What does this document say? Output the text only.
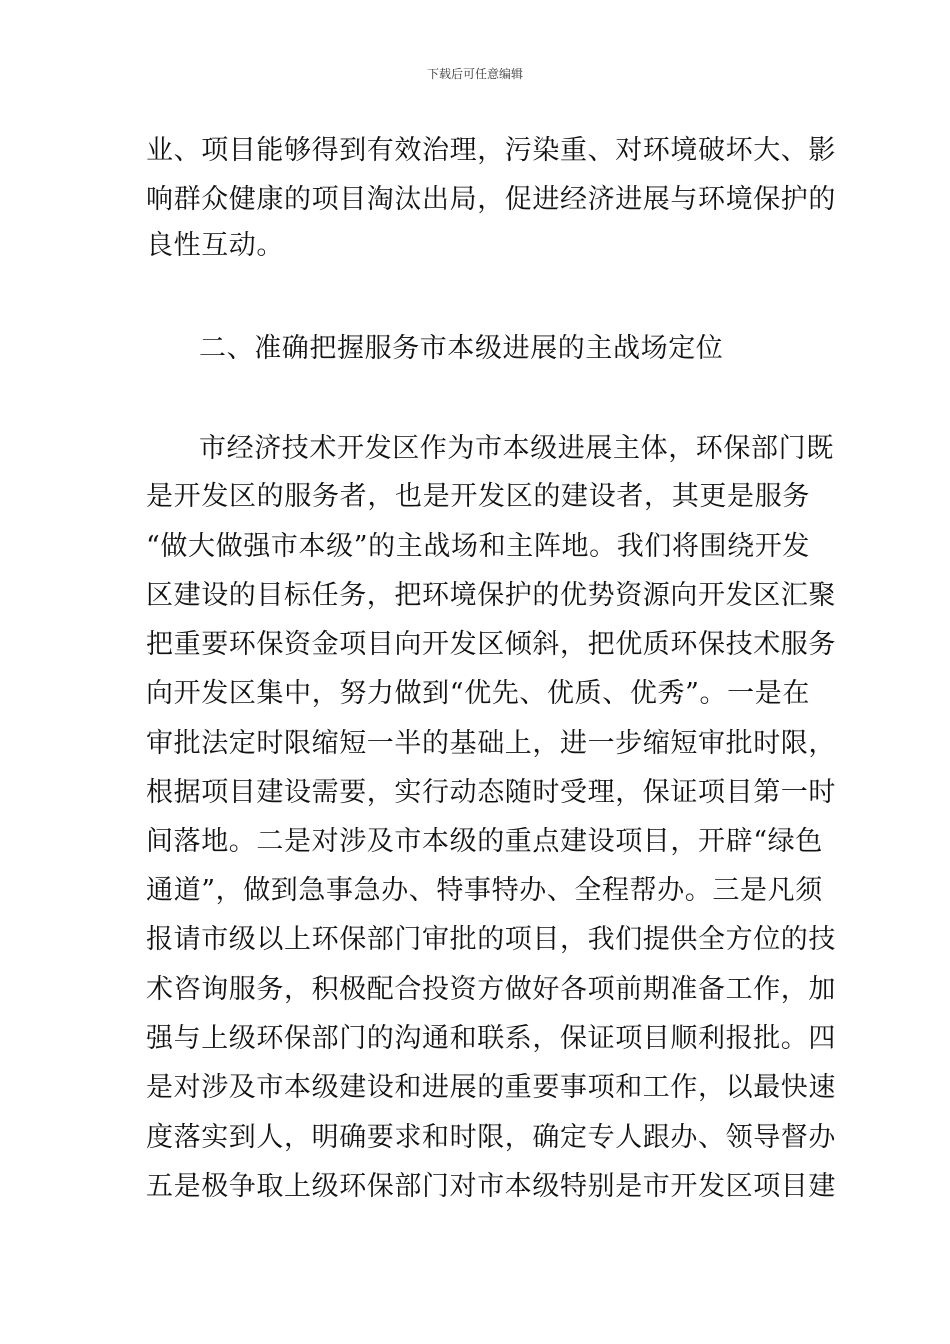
下载后可任意编辑
业、项目能够得到有效治理，污染重、对环境破坏大、影
响群众健康的项目淘汰出局，促进经济进展与环境保护的
良性互动。
二、准确把握服务市本级进展的主战场定位
市经济技术开发区作为市本级进展主体，环保部门既
是开发区的服务者，也是开发区的建设者，其更是服务
“做大做强市本级”的主战场和主阵地。我们将围绕开发
区建设的目标任务，把环境保护的优势资源向开发区汇聚
把重要环保资金项目向开发区倾斜，把优质环保技术服务
向开发区集中，努力做到“优先、优质、优秀”。一是在
审批法定时限缩短一半的基础上，进一步缩短审批时限，
根据项目建设需要，实行动态随时受理，保证项目第一时
间落地。二是对涉及市本级的重点建设项目，开辟“绿色
通道”，做到急事急办、特事特办、全程帮办。三是凡须
报请市级以上环保部门审批的项目，我们提供全方位的技
术咨询服务，积极配合投资方做好各项前期准备工作，加
强与上级环保部门的沟通和联系，保证项目顺利报批。四
是对涉及市本级建设和进展的重要事项和工作，以最快速
度落实到人，明确要求和时限，确定专人跟办、领导督办
五是极争取上级环保部门对市本级特别是市开发区项目建
